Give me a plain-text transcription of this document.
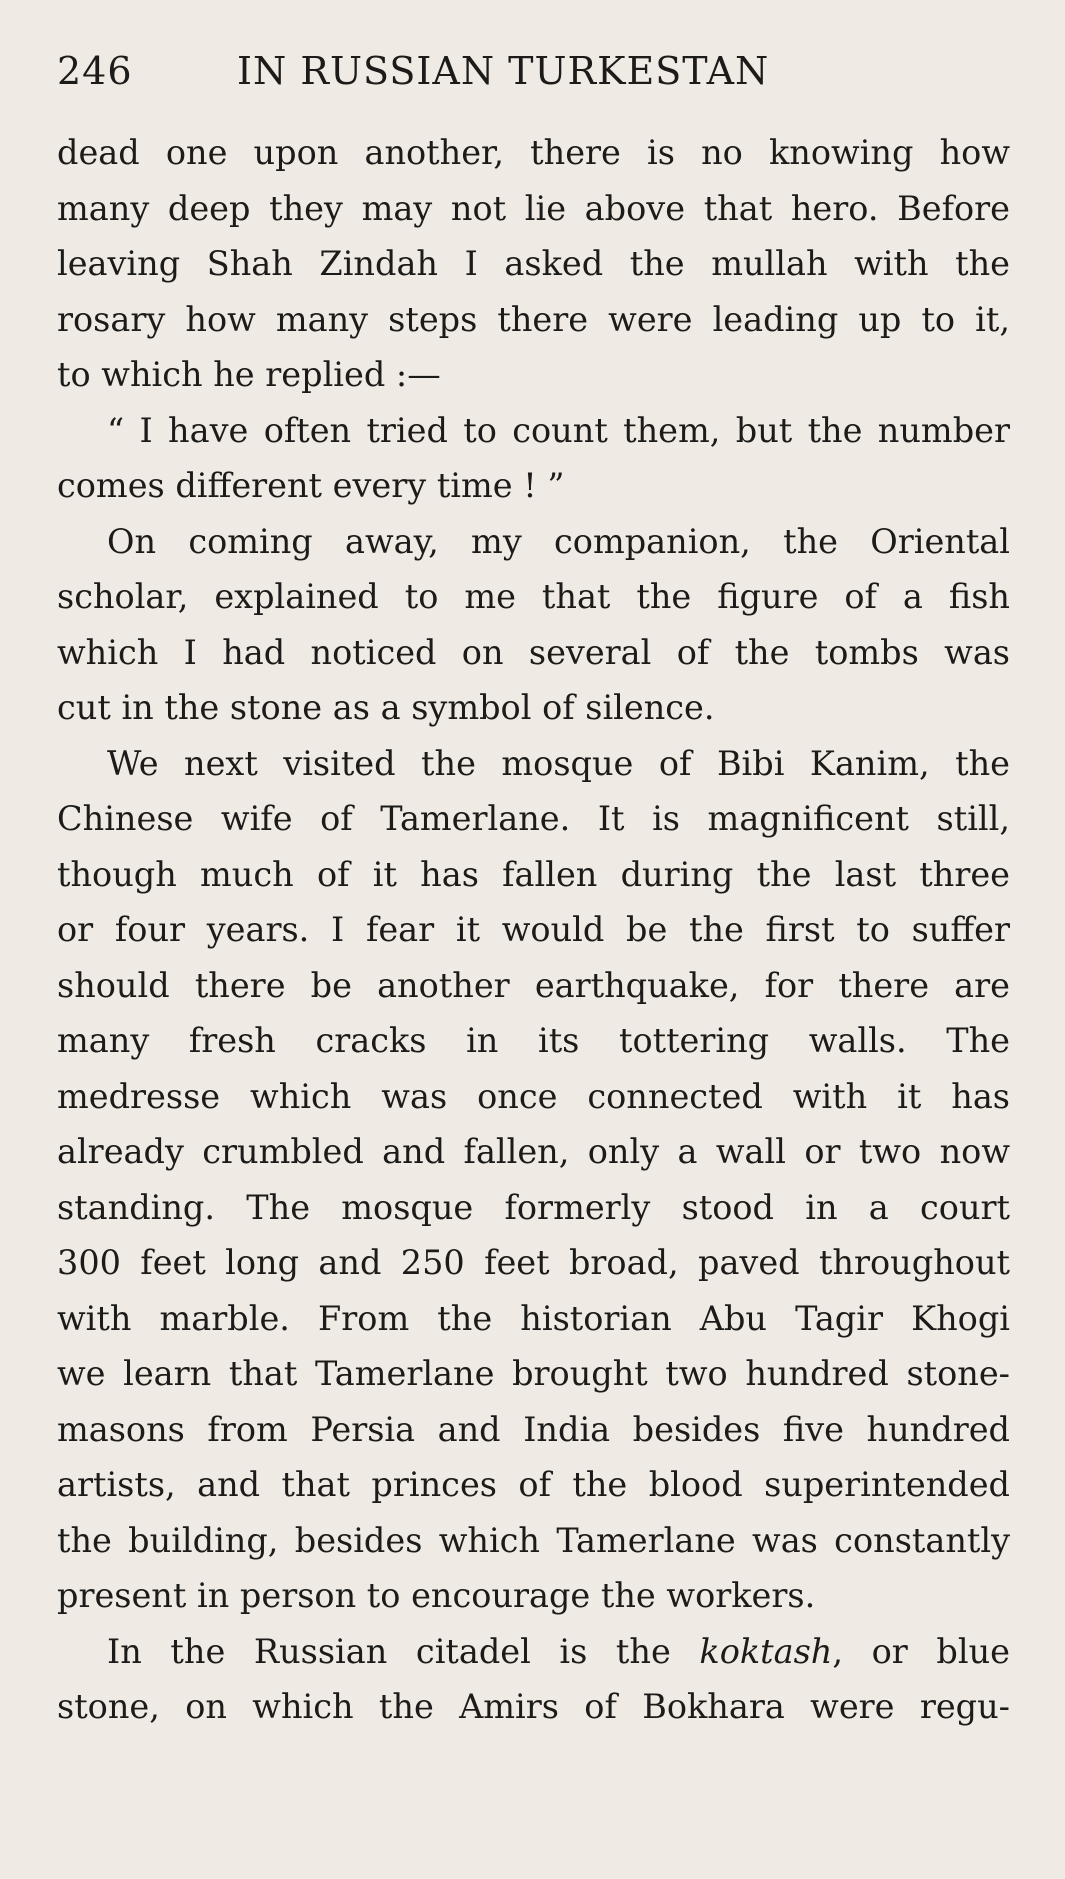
246	IN RUSSIAN TURKESTAN
dead one upon another, there is no knowing how
many deep they may not lie above that hero. Before
leaving Shah Zindah I asked the mullah with the
rosary how many steps there were leading up to it,
to which he replied :—
“ I have often tried to count them, but the number
comes different every time ! ”
On coming away, my companion, the Oriental
scholar, explained to me that the figure of a fish
which I had noticed on several of the tombs was
cut in the stone as a symbol of silence.
We next visited the mosque of Bibi Kanim, the
Chinese wife of Tamerlane. It is magnificent still,
though much of it has fallen during the last three
or four years. I fear it would be the first to suffer
should there be another earthquake, for there are
many fresh cracks in its tottering walls. The
medresse which was once connected with it has
already crumbled and fallen, only a wall or two now
standing. The mosque formerly stood in a court
300 feet long and 250 feet broad, paved throughout
with marble. From the historian Abu Tagir Khogi
we learn that Tamerlane brought two hundred stone-
masons from Persia and India besides five hundred
artists, and that princes of the blood superintended
the building, besides which Tamerlane was constantly
present in person to encourage the workers.
In the Russian citadel is the koktash, or blue
stone, on which the Amirs of Bokhara were regu-
